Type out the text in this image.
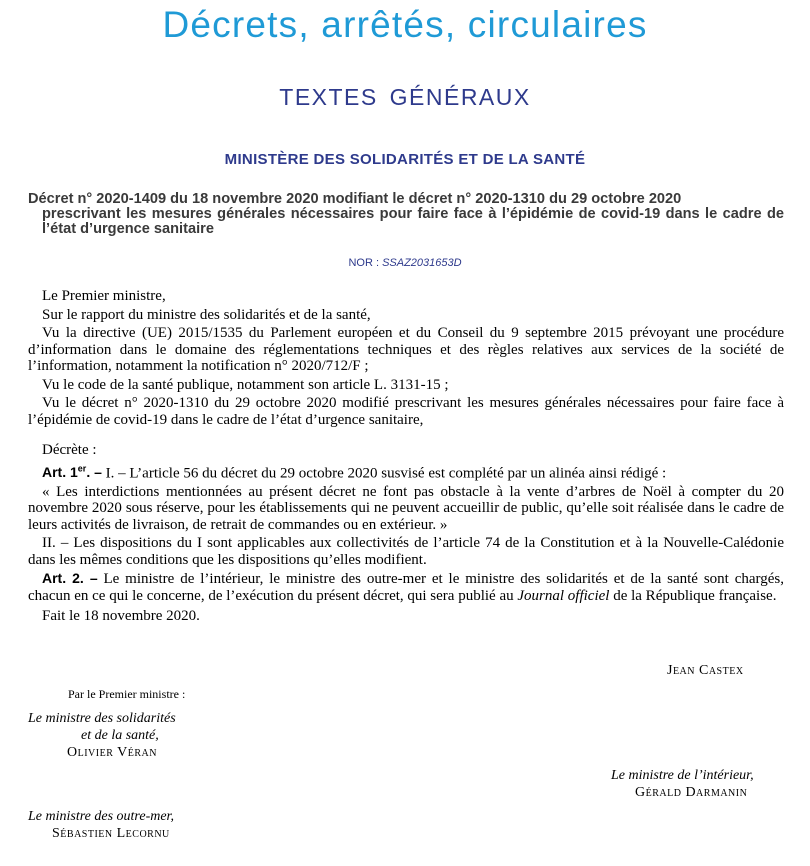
Décrets, arrêtés, circulaires
TEXTES GÉNÉRAUX
MINISTÈRE DES SOLIDARITÉS ET DE LA SANTÉ
Décret n° 2020-1409 du 18 novembre 2020 modifiant le décret n° 2020-1310 du 29 octobre 2020
prescrivant les mesures générales nécessaires pour faire face à l’épidémie de covid-19 dans le cadre de l’état d’urgence sanitaire
NOR : SSAZ2031653D

Le Premier ministre,

Sur le rapport du ministre des solidarités et de la santé,

Vu la directive (UE) 2015/1535 du Parlement européen et du Conseil du 9 septembre 2015 prévoyant une procédure d’information dans le domaine des réglementations techniques et des règles relatives aux services de la société de l’information, notamment la notification n° 2020/712/F ;

Vu le code de la santé publique, notamment son article L. 3131-15 ;

Vu le décret n° 2020-1310 du 29 octobre 2020 modifié prescrivant les mesures générales nécessaires pour faire face à l’épidémie de covid-19 dans le cadre de l’état d’urgence sanitaire,

Décrète :

Art. 1er. – I. – L’article 56 du décret du 29 octobre 2020 susvisé est complété par un alinéa ainsi rédigé :

« Les interdictions mentionnées au présent décret ne font pas obstacle à la vente d’arbres de Noël à compter du 20 novembre 2020 sous réserve, pour les établissements qui ne peuvent accueillir de public, qu’elle soit réalisée dans le cadre de leurs activités de livraison, de retrait de commandes ou en extérieur. »

II. – Les dispositions du I sont applicables aux collectivités de l’article 74 de la Constitution et à la Nouvelle-Calédonie dans les mêmes conditions que les dispositions qu’elles modifient.

Art. 2. – Le ministre de l’intérieur, le ministre des outre-mer et le ministre des solidarités et de la santé sont chargés, chacun en ce qui le concerne, de l’exécution du présent décret, qui sera publié au Journal officiel de la République française.

Fait le 18 novembre 2020.

Jean Castex
Par le Premier ministre :
Le ministre des solidarités
et de la santé,
Olivier Véran
Le ministre de l’intérieur,
Gérald Darmanin
Le ministre des outre-mer,
Sébastien Lecornu
